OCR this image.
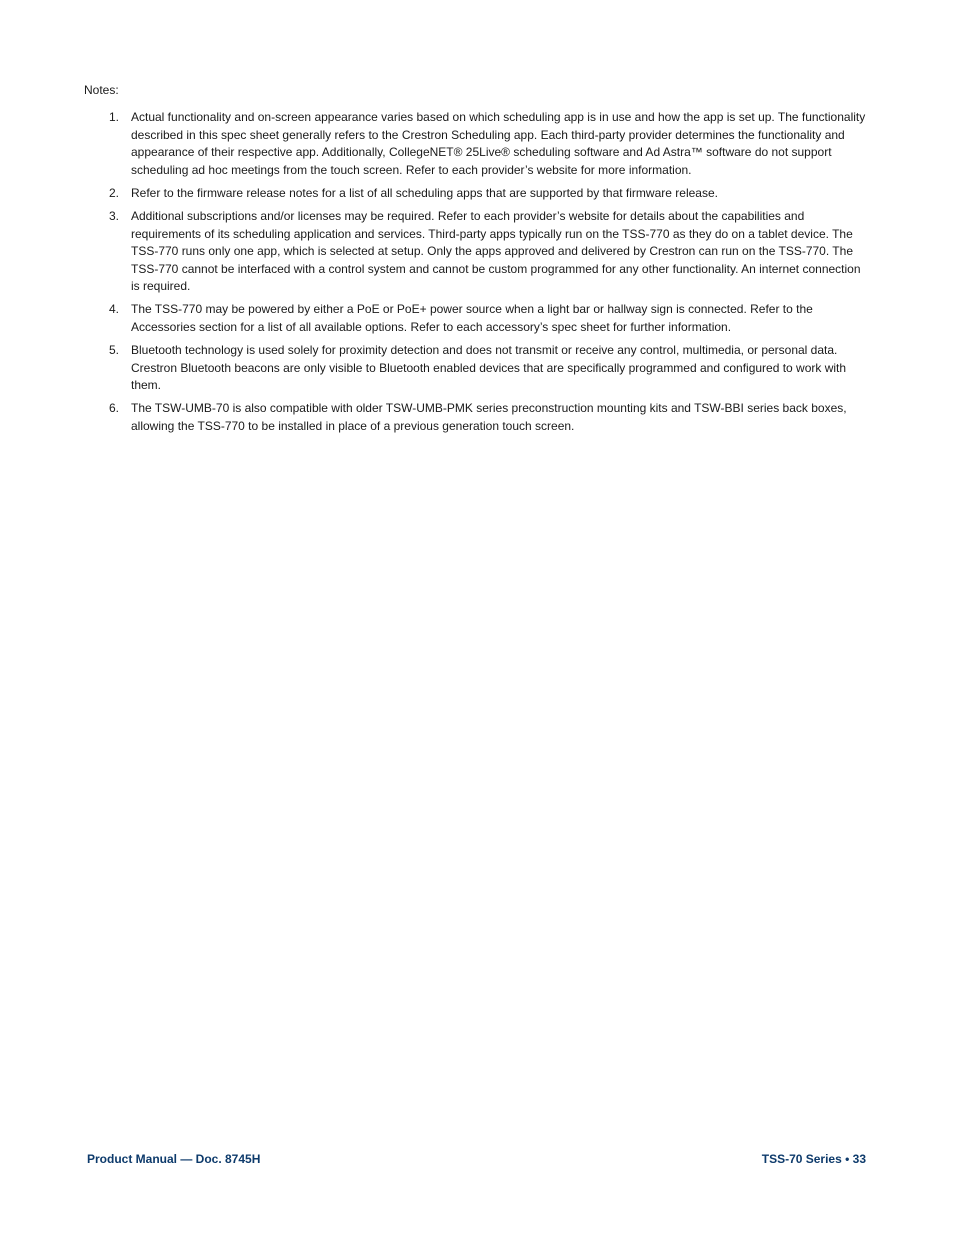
Notes:
1. Actual functionality and on-screen appearance varies based on which scheduling app is in use and how the app is set up. The functionality described in this spec sheet generally refers to the Crestron Scheduling app. Each third-party provider determines the functionality and appearance of their respective app. Additionally, CollegeNET® 25Live® scheduling software and Ad Astra™ software do not support scheduling ad hoc meetings from the touch screen. Refer to each provider’s website for more information.
2. Refer to the firmware release notes for a list of all scheduling apps that are supported by that firmware release.
3. Additional subscriptions and/or licenses may be required. Refer to each provider’s website for details about the capabilities and requirements of its scheduling application and services. Third-party apps typically run on the TSS-770 as they do on a tablet device. The TSS-770 runs only one app, which is selected at setup. Only the apps approved and delivered by Crestron can run on the TSS-770. The TSS-770 cannot be interfaced with a control system and cannot be custom programmed for any other functionality. An internet connection is required.
4. The TSS-770 may be powered by either a PoE or PoE+ power source when a light bar or hallway sign is connected. Refer to the Accessories section for a list of all available options. Refer to each accessory’s spec sheet for further information.
5. Bluetooth technology is used solely for proximity detection and does not transmit or receive any control, multimedia, or personal data. Crestron Bluetooth beacons are only visible to Bluetooth enabled devices that are specifically programmed and configured to work with them.
6. The TSW-UMB-70 is also compatible with older TSW-UMB-PMK series preconstruction mounting kits and TSW-BBI series back boxes, allowing the TSS-770 to be installed in place of a previous generation touch screen.
Product Manual — Doc. 8745H	TSS-70 Series • 33
